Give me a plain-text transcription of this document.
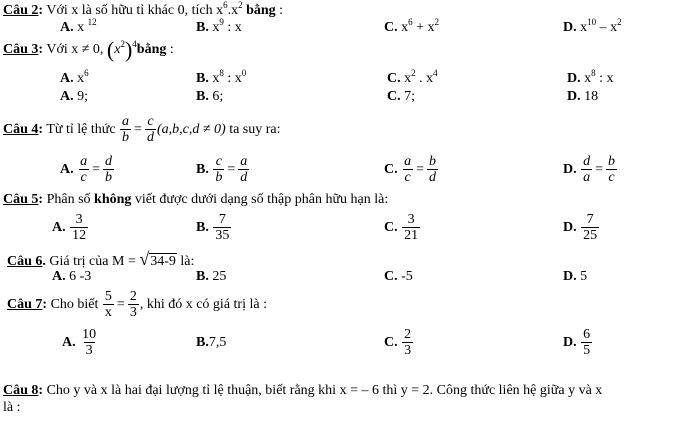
Câu 2: Với x là số hữu tỉ khác 0, tích $x^6.x^2$ bằng :
A. x $^{12}$	B. $x^9$ : x	C. $x^6 + x^2$	D. $x^{10} - x^2$
Câu 3: Với x ≠ 0, $(x^2)^4bằng$ :
A. $x^6$	B. $x^8$ : $x^0$	C. $x^2$ . $x^4$	D. $x^8$ : x
A. 9;	B. 6;	C. 7;	D. 18
Câu 4: Từ tỉ lệ thức $\frac{a}{b} = \frac{c}{d} (a,b,c,d \ne 0)$ ta suy ra:
A. $\frac{a}{c} = \frac{d}{b}$	B. $\frac{c}{b} = \frac{a}{d}$	C. $\frac{a}{c} = \frac{b}{d}$	D. $\frac{d}{a} = \frac{b}{c}$
Câu 5: Phân số không viết được dưới dạng số thập phân hữu hạn là:
A. $\frac{3}{12}$	B. $\frac{7}{35}$	C. $\frac{3}{21}$	D. $\frac{7}{25}$
Câu 6. Giá trị của M = √34-9 là:
A. 6 -3	B. 25	C. -5	D. 5
Câu 7: Cho biết $\frac{5}{x} = \frac{2}{3}$ , khi đó x có giá trị là :
A. $\frac{10}{3}$	B.7,5	C. $\frac{2}{3}$	D. $\frac{6}{5}$
Câu 8: Cho y và x là hai đại lượng tỉ lệ thuận, biết rằng khi x = – 6 thì y = 2. Công thức liên hệ giữa y và x
là :
